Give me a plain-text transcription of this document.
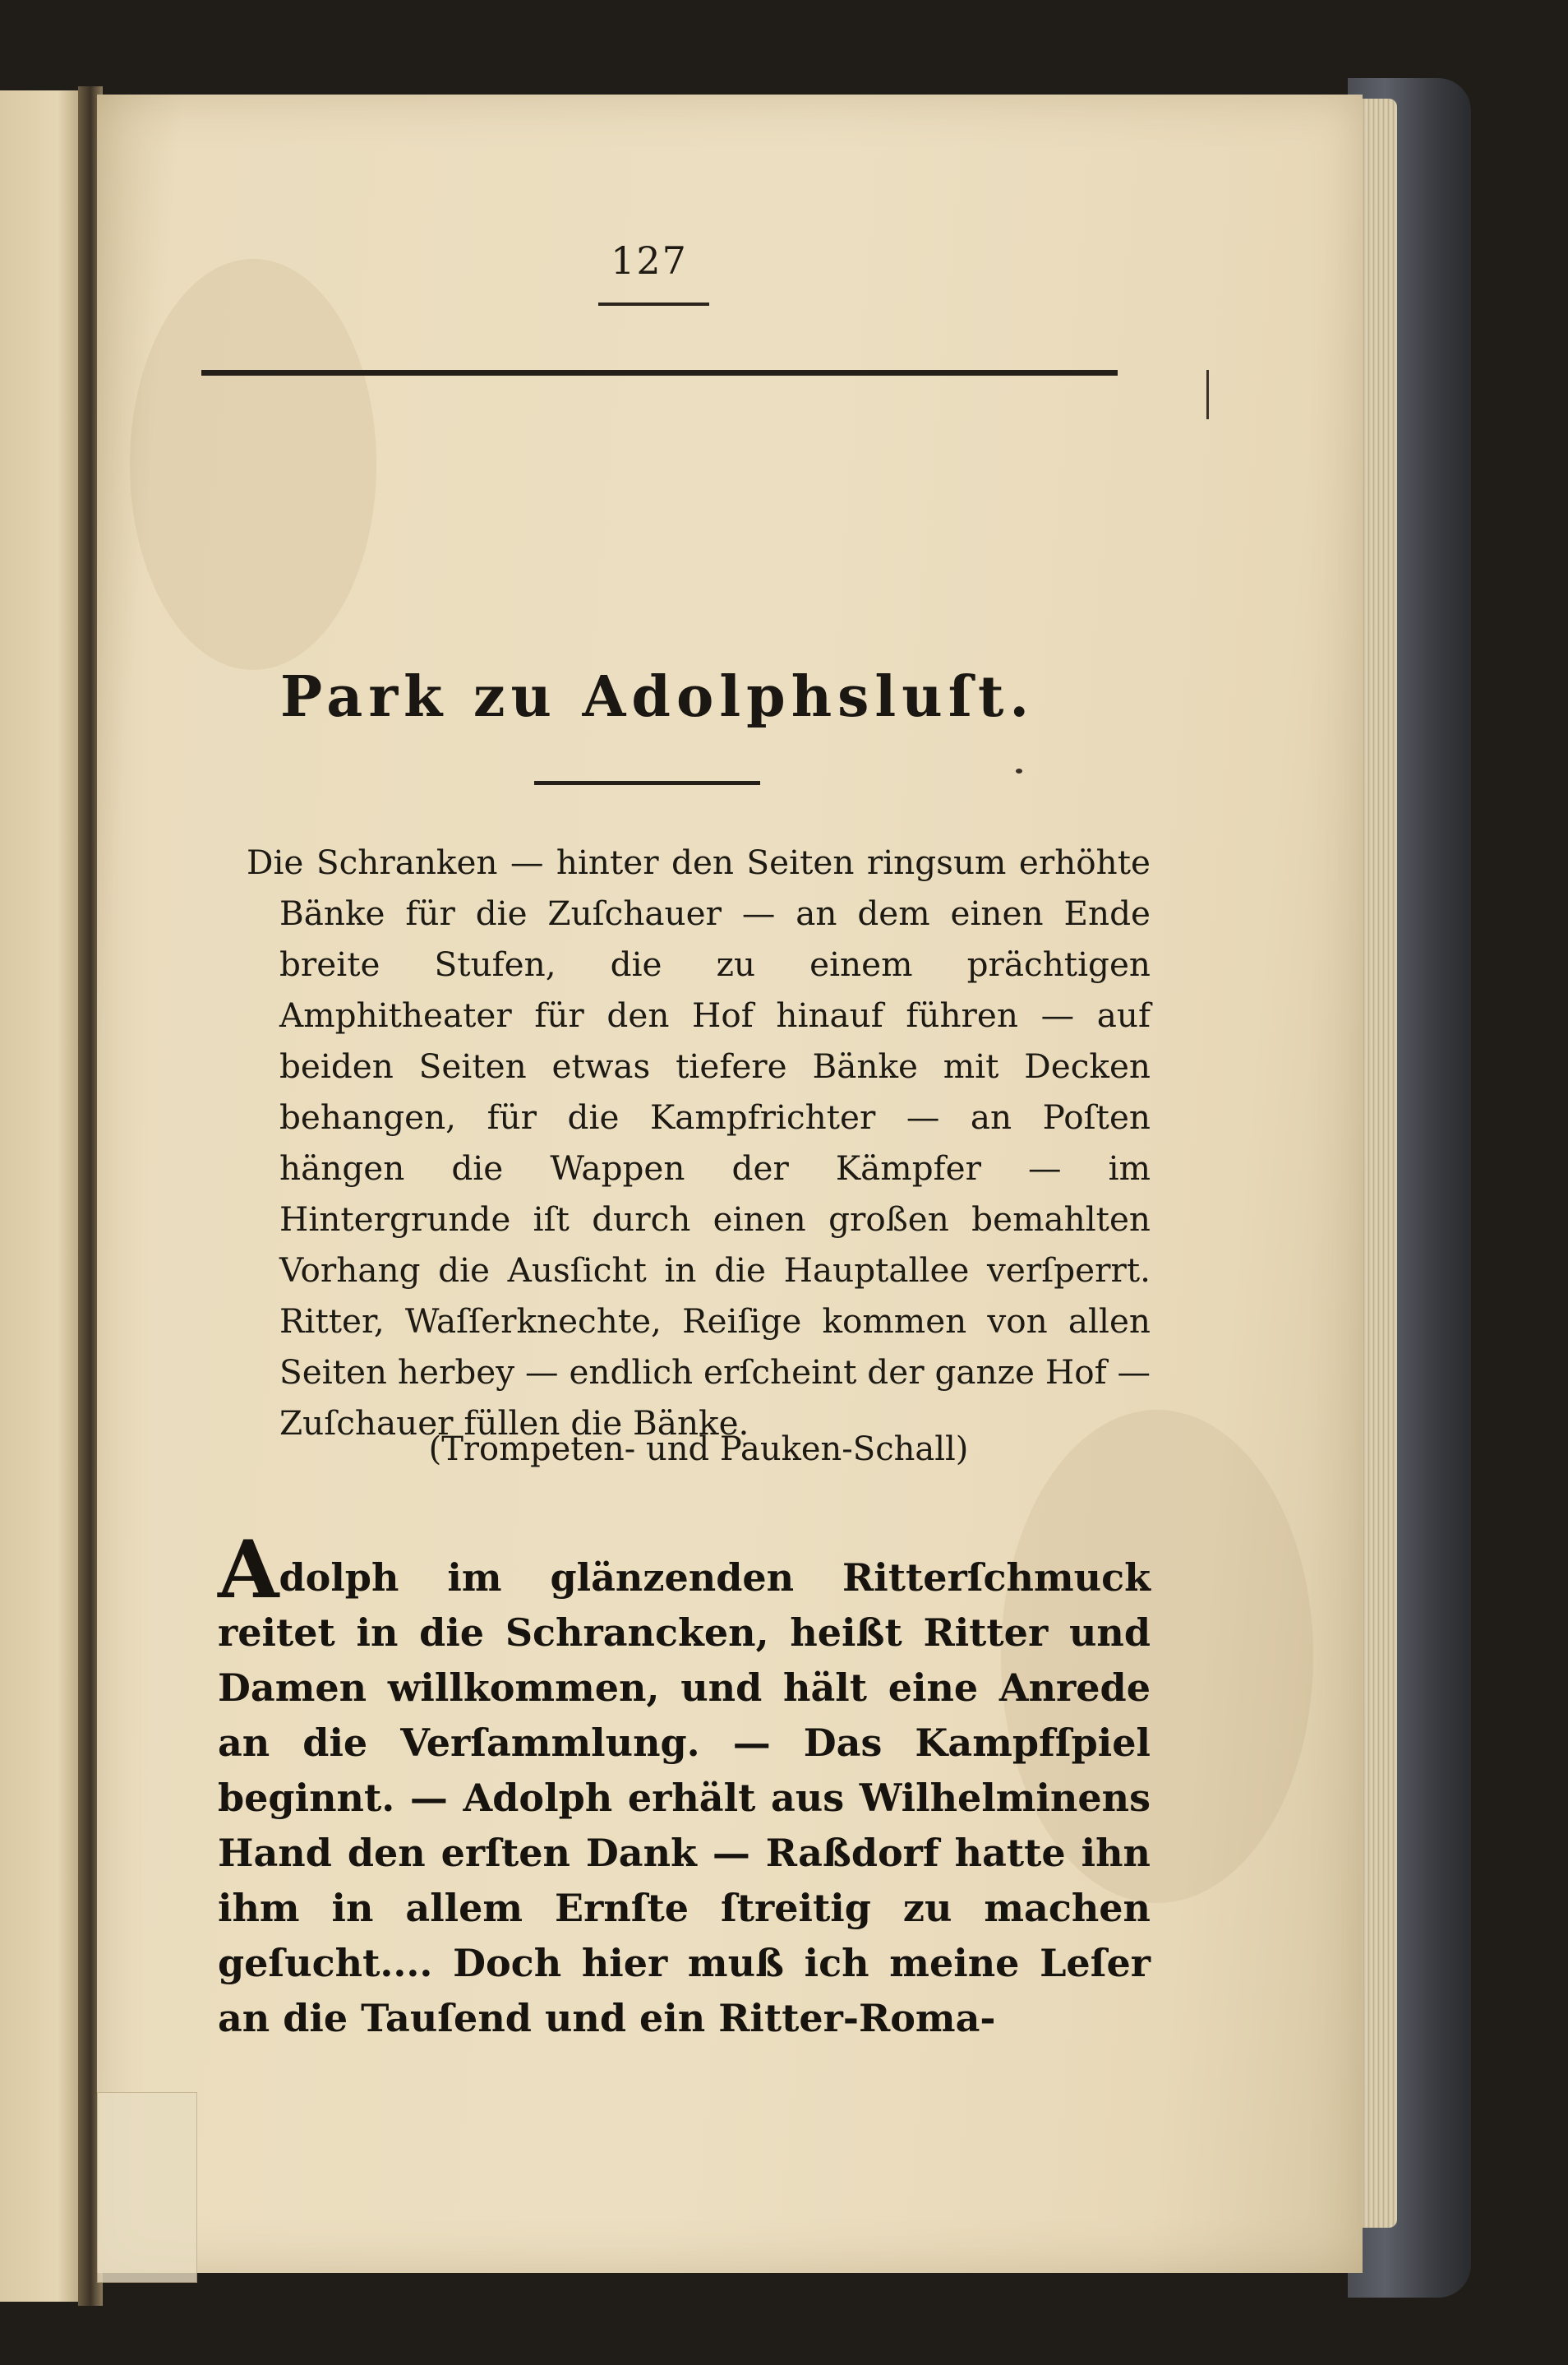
127
Park zu Adolphsluſt.

Die Schranken — hinter den Seiten ringsum erhöhte Bänke für die Zuſchauer — an dem einen Ende breite Stufen, die zu einem prächtigen Amphitheater für den Hof hinauf führen — auf beiden Seiten etwas tiefere Bänke mit Decken behangen, für die Kampfrichter — an Poſten hängen die Wappen der Kämpfer — im Hintergrunde iſt durch einen großen bemahlten Vorhang die Ausſicht in die Hauptallee verſperrt. Ritter, Waſſerknechte, Reiſige kommen von allen Seiten herbey — endlich erſcheint der ganze Hof — Zuſchauer füllen die Bänke.

(Trompeten- und Pauken-Schall)

Adolph im glänzenden Ritterſchmuck reitet in die Schrancken, heißt Ritter und Damen willkommen, und hält eine Anrede an die Verſammlung. — Das Kampfſpiel beginnt. — Adolph erhält aus Wilhelminens Hand den erſten Dank — Raßdorf hatte ihn ihm in allem Ernſte ſtreitig zu machen geſucht.... Doch hier muß ich meine Leſer an die Tauſend und ein Ritter-Roma-
